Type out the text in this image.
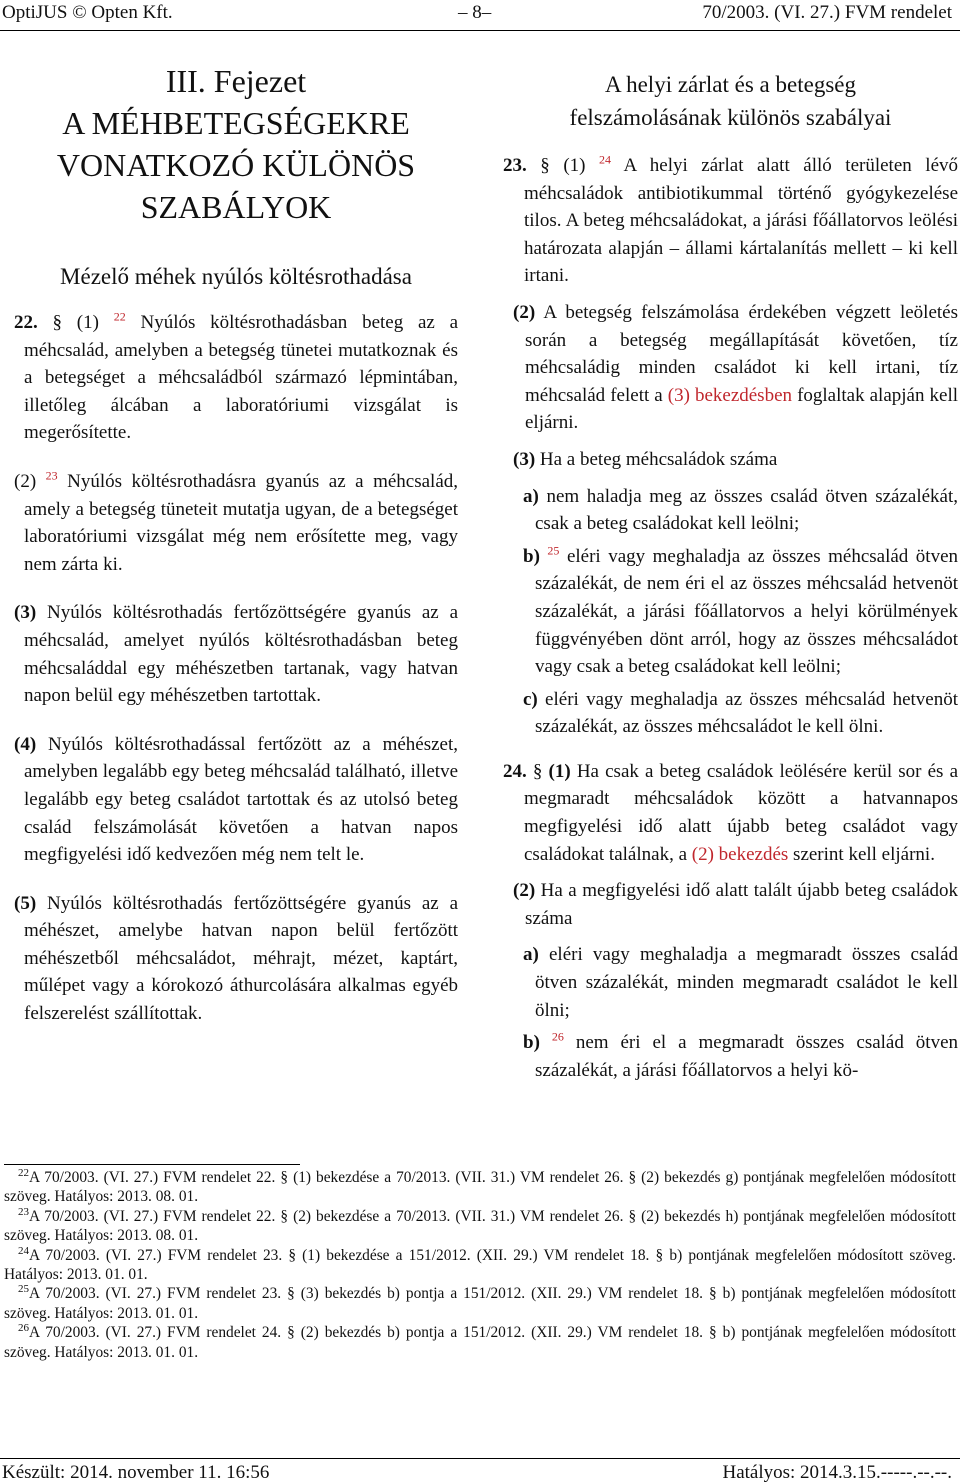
OptiJUS © Opten Kft.	– 8–	70/2003. (VI. 27.) FVM rendelet

III. Fejezet

A MÉHBETEGSÉGEKRE

VONATKOZÓ KÜLÖNÖS

SZABÁLYOK

Mézelő méhek nyúlós költésrothadása

22. § (1) $^{22}$ Nyúlós költésrothadásban beteg az a méhcsalád, amelyben a betegség tünetei mutatkoznak és a betegséget a méhcsaládból származó lépmintában, illetőleg álcában a laboratóriumi vizsgálat is megerősítette.

(2) $^{23}$ Nyúlós költésrothadásra gyanús az a méhcsalád, amely a betegség tüneteit mutatja ugyan, de a betegséget laboratóriumi vizsgálat még nem erősítette meg, vagy nem zárta ki.

(3) Nyúlós költésrothadás fertőzöttségére gyanús az a méhcsalád, amelyet nyúlós költésrothadásban beteg méhcsaláddal egy méhészetben tartanak, vagy hatvan napon belül egy méhészetben tartottak.

(4) Nyúlós költésrothadással fertőzött az a méhészet, amelyben legalább egy beteg méhcsalád található, illetve legalább egy beteg családot tartottak és az utolsó beteg család felszámolását követően a hatvan napos megfigyelési idő kedvezően még nem telt le.

(5) Nyúlós költésrothadás fertőzöttségére gyanús az a méhészet, amelybe hatvan napon belül fertőzött méhészetből méhcsaládot, méhrajt, mézet, kaptárt, műlépet vagy a kórokozó áthurcolására alkalmas egyéb felszerelést szállítottak.

A helyi zárlat és a betegség

felszámolásának különös szabályai

23. § (1) $^{24}$ A helyi zárlat alatt álló területen lévő méhcsaládok antibiotikummal történő gyógykezelése tilos. A beteg méhcsaládokat, a járási főállatorvos leölési határozata alapján – állami kártalanítás mellett – ki kell irtani.

(2) A betegség felszámolása érdekében végzett leöletés során a betegség megállapítását követően, tíz méhcsaládig minden családot ki kell irtani, tíz méhcsalád felett a (3) bekezdésben foglaltak alapján kell eljárni.

(3) Ha a beteg méhcsaládok száma

a) nem haladja meg az összes család ötven százalékát, csak a beteg családokat kell leölni;

b) $^{25}$ eléri vagy meghaladja az összes méhcsalád ötven százalékát, de nem éri el az összes méhcsalád hetvenöt százalékát, a járási főállatorvos a helyi körülmények függvényében dönt arról, hogy az összes méhcsaládot vagy csak a beteg családokat kell leölni;

c) eléri vagy meghaladja az összes méhcsalád hetvenöt százalékát, az összes méhcsaládot le kell ölni.

24. § (1) Ha csak a beteg családok leölésére kerül sor és a megmaradt méhcsaládok között a hatvannapos megfigyelési idő alatt újabb beteg családot vagy családokat találnak, a (2) bekezdés szerint kell eljárni.

(2) Ha a megfigyelési idő alatt talált újabb beteg családok száma

a) eléri vagy meghaladja a megmaradt összes család ötven százalékát, minden megmaradt családot le kell ölni;

b) $^{26}$ nem éri el a megmaradt összes család ötven százalékát, a járási főállatorvos a helyi kö-

$^{22}$A 70/2003. (VI. 27.) FVM rendelet 22. § (1) bekezdése a 70/2013. (VII. 31.) VM rendelet 26. § (2) bekezdés g) pontjának megfelelően módosított szöveg. Hatályos: 2013. 08. 01.

$^{23}$A 70/2003. (VI. 27.) FVM rendelet 22. § (2) bekezdése a 70/2013. (VII. 31.) VM rendelet 26. § (2) bekezdés h) pontjának megfelelően módosított szöveg. Hatályos: 2013. 08. 01.

$^{24}$A 70/2003. (VI. 27.) FVM rendelet 23. § (1) bekezdése a 151/2012. (XII. 29.) VM rendelet 18. § b) pontjának megfelelően módosított szöveg. Hatályos: 2013. 01. 01.

$^{25}$A 70/2003. (VI. 27.) FVM rendelet 23. § (3) bekezdés b) pontja a 151/2012. (XII. 29.) VM rendelet 18. § b) pontjának megfelelően módosított szöveg. Hatályos: 2013. 01. 01.

$^{26}$A 70/2003. (VI. 27.) FVM rendelet 24. § (2) bekezdés b) pontja a 151/2012. (XII. 29.) VM rendelet 18. § b) pontjának megfelelően módosított szöveg. Hatályos: 2013. 01. 01.

Készült: 2014. november 11. 16:56	Hatályos: 2014.3.15.-----.--.--.
